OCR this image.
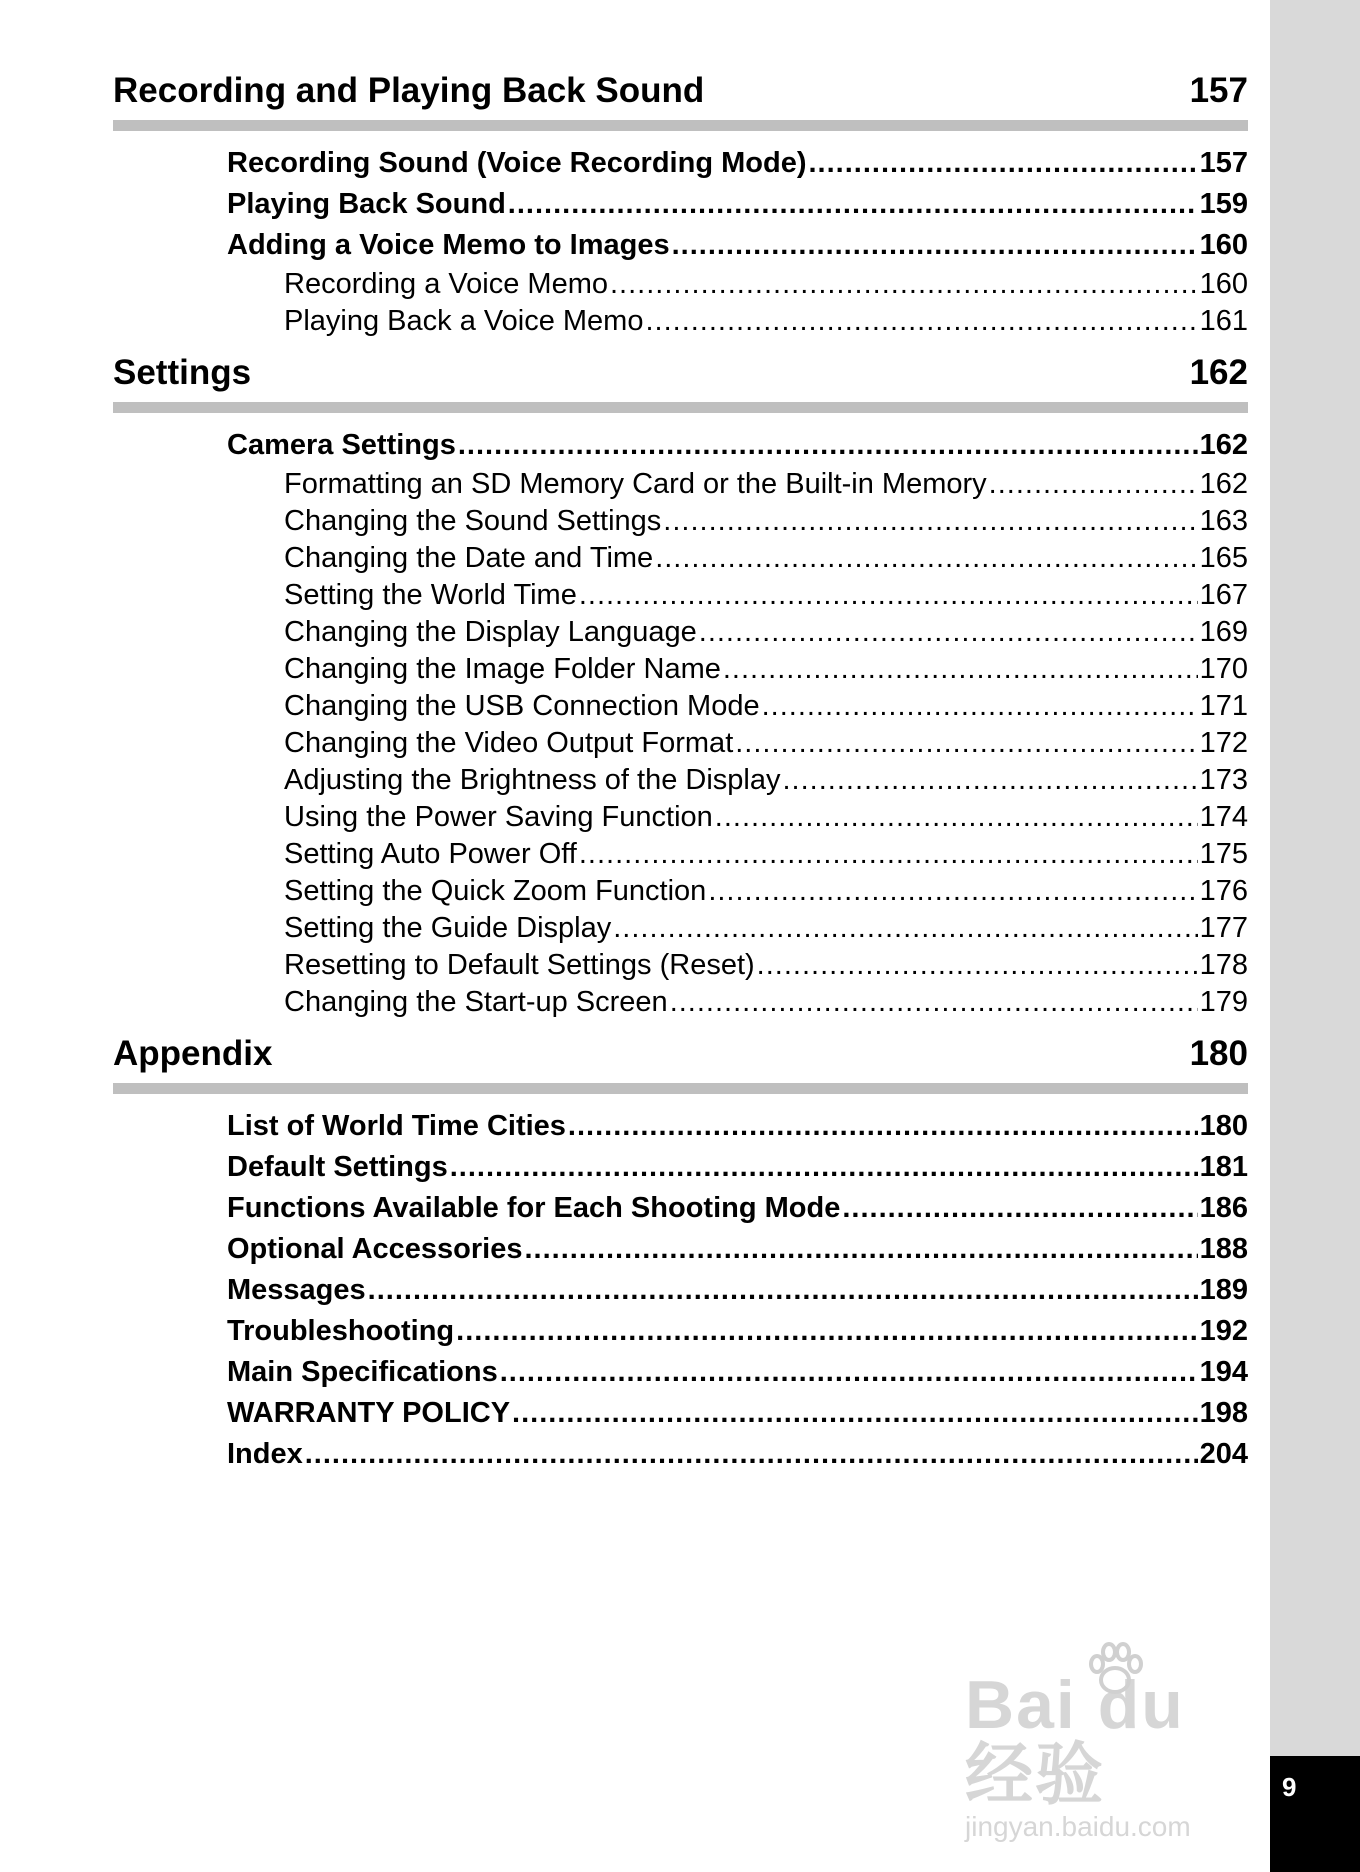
Recording and Playing Back Sound	157
Recording Sound (Voice Recording Mode) .....	157
Playing Back Sound .....	159
Adding a Voice Memo to Images .....	160
Recording a Voice Memo .....	160
Playing Back a Voice Memo .....	161
Settings	162
Camera Settings .....	162
Formatting an SD Memory Card or the Built-in Memory .....	162
Changing the Sound Settings .....	163
Changing the Date and Time .....	165
Setting the World Time .....	167
Changing the Display Language .....	169
Changing the Image Folder Name .....	170
Changing the USB Connection Mode .....	171
Changing the Video Output Format .....	172
Adjusting the Brightness of the Display .....	173
Using the Power Saving Function .....	174
Setting Auto Power Off .....	175
Setting the Quick Zoom Function .....	176
Setting the Guide Display .....	177
Resetting to Default Settings (Reset) .....	178
Changing the Start-up Screen .....	179
Appendix	180
List of World Time Cities .....	180
Default Settings .....	181
Functions Available for Each Shooting Mode .....	186
Optional Accessories .....	188
Messages .....	189
Troubleshooting .....	192
Main Specifications .....	194
WARRANTY POLICY .....	198
Index .....	204
Bai du 经验
jingyan.baidu.com
9
